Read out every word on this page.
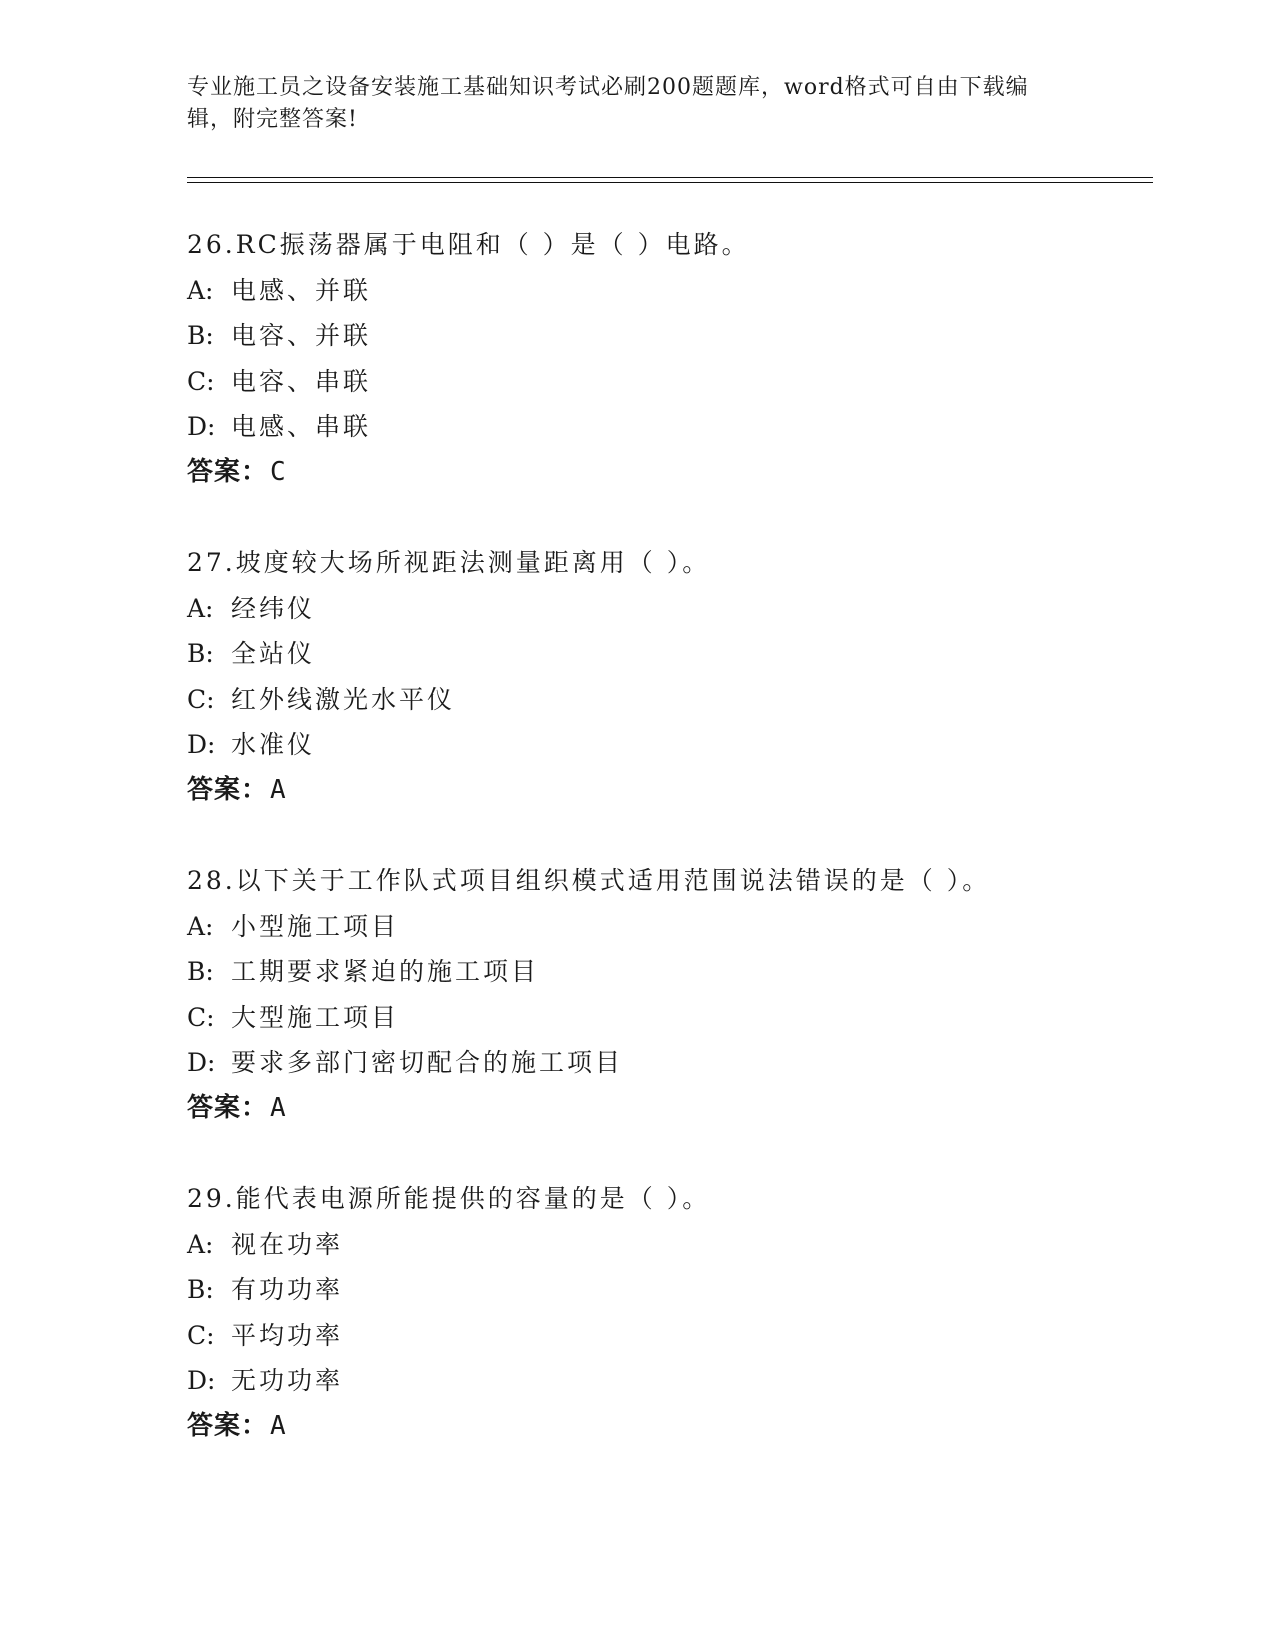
专业施工员之设备安装施工基础知识考试必刷200题题库，word格式可自由下载编辑，附完整答案!
26.RC振荡器属于电阻和（ ）是（ ）电路。
A: 电感、并联
B: 电容、并联
C: 电容、串联
D: 电感、串联
答案：C
27.坡度较大场所视距法测量距离用（ ）。
A: 经纬仪
B: 全站仪
C: 红外线激光水平仪
D: 水准仪
答案：A
28.以下关于工作队式项目组织模式适用范围说法错误的是（ ）。
A: 小型施工项目
B: 工期要求紧迫的施工项目
C: 大型施工项目
D: 要求多部门密切配合的施工项目
答案：A
29.能代表电源所能提供的容量的是（ ）。
A: 视在功率
B: 有功功率
C: 平均功率
D: 无功功率
答案：A
